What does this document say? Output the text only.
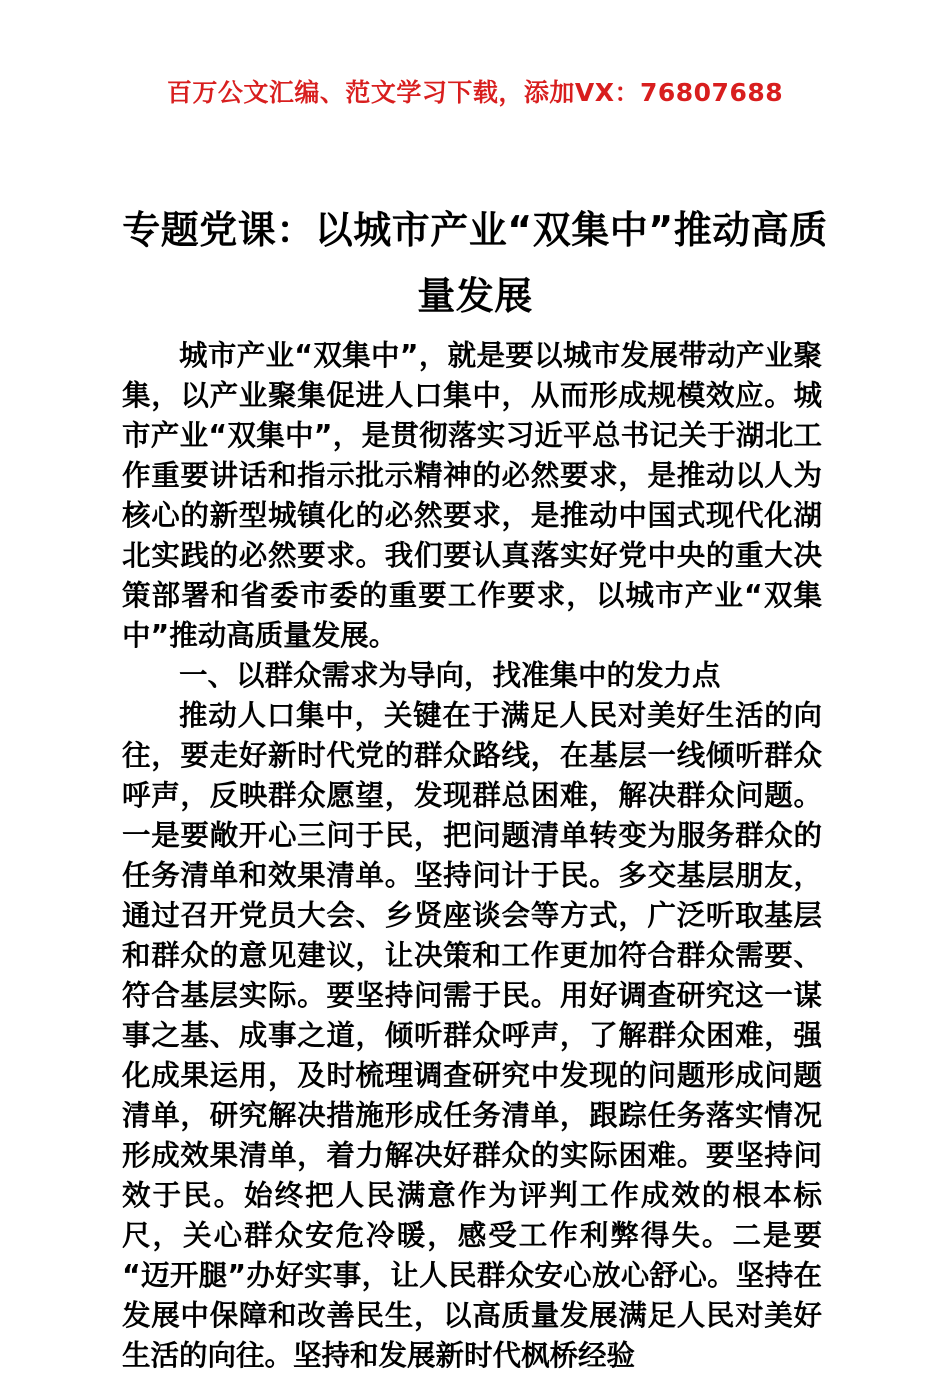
百万公文汇编、范文学习下载，添加VX：76807688
专题党课：以城市产业“双集中”推动高质量发展

城市产业“双集中”，就是要以城市发展带动产业聚集，以产业聚集促进人口集中，从而形成规模效应。城市产业“双集中”，是贯彻落实习近平总书记关于湖北工作重要讲话和指示批示精神的必然要求，是推动以人为核心的新型城镇化的必然要求，是推动中国式现代化湖北实践的必然要求。我们要认真落实好党中央的重大决策部署和省委市委的重要工作要求，以城市产业“双集中”推动高质量发展。

一、以群众需求为导向，找准集中的发力点

推动人口集中，关键在于满足人民对美好生活的向往，要走好新时代党的群众路线，在基层一线倾听群众呼声，反映群众愿望，发现群总困难，解决群众问题。一是要敞开心三问于民，把问题清单转变为服务群众的任务清单和效果清单。坚持问计于民。多交基层朋友，通过召开党员大会、乡贤座谈会等方式，广泛听取基层和群众的意见建议，让决策和工作更加符合群众需要、符合基层实际。要坚持问需于民。用好调查研究这一谋事之基、成事之道，倾听群众呼声，了解群众困难，强化成果运用，及时梳理调查研究中发现的问题形成问题清单，研究解决措施形成任务清单，跟踪任务落实情况形成效果清单，着力解决好群众的实际困难。要坚持问效于民。始终把人民满意作为评判工作成效的根本标尺，关心群众安危冷暖，感受工作利弊得失。二是要“迈开腿”办好实事，让人民群众安心放心舒心。坚持在发展中保障和改善民生，以高质量发展满足人民对美好生活的向往。坚持和发展新时代枫桥经验
